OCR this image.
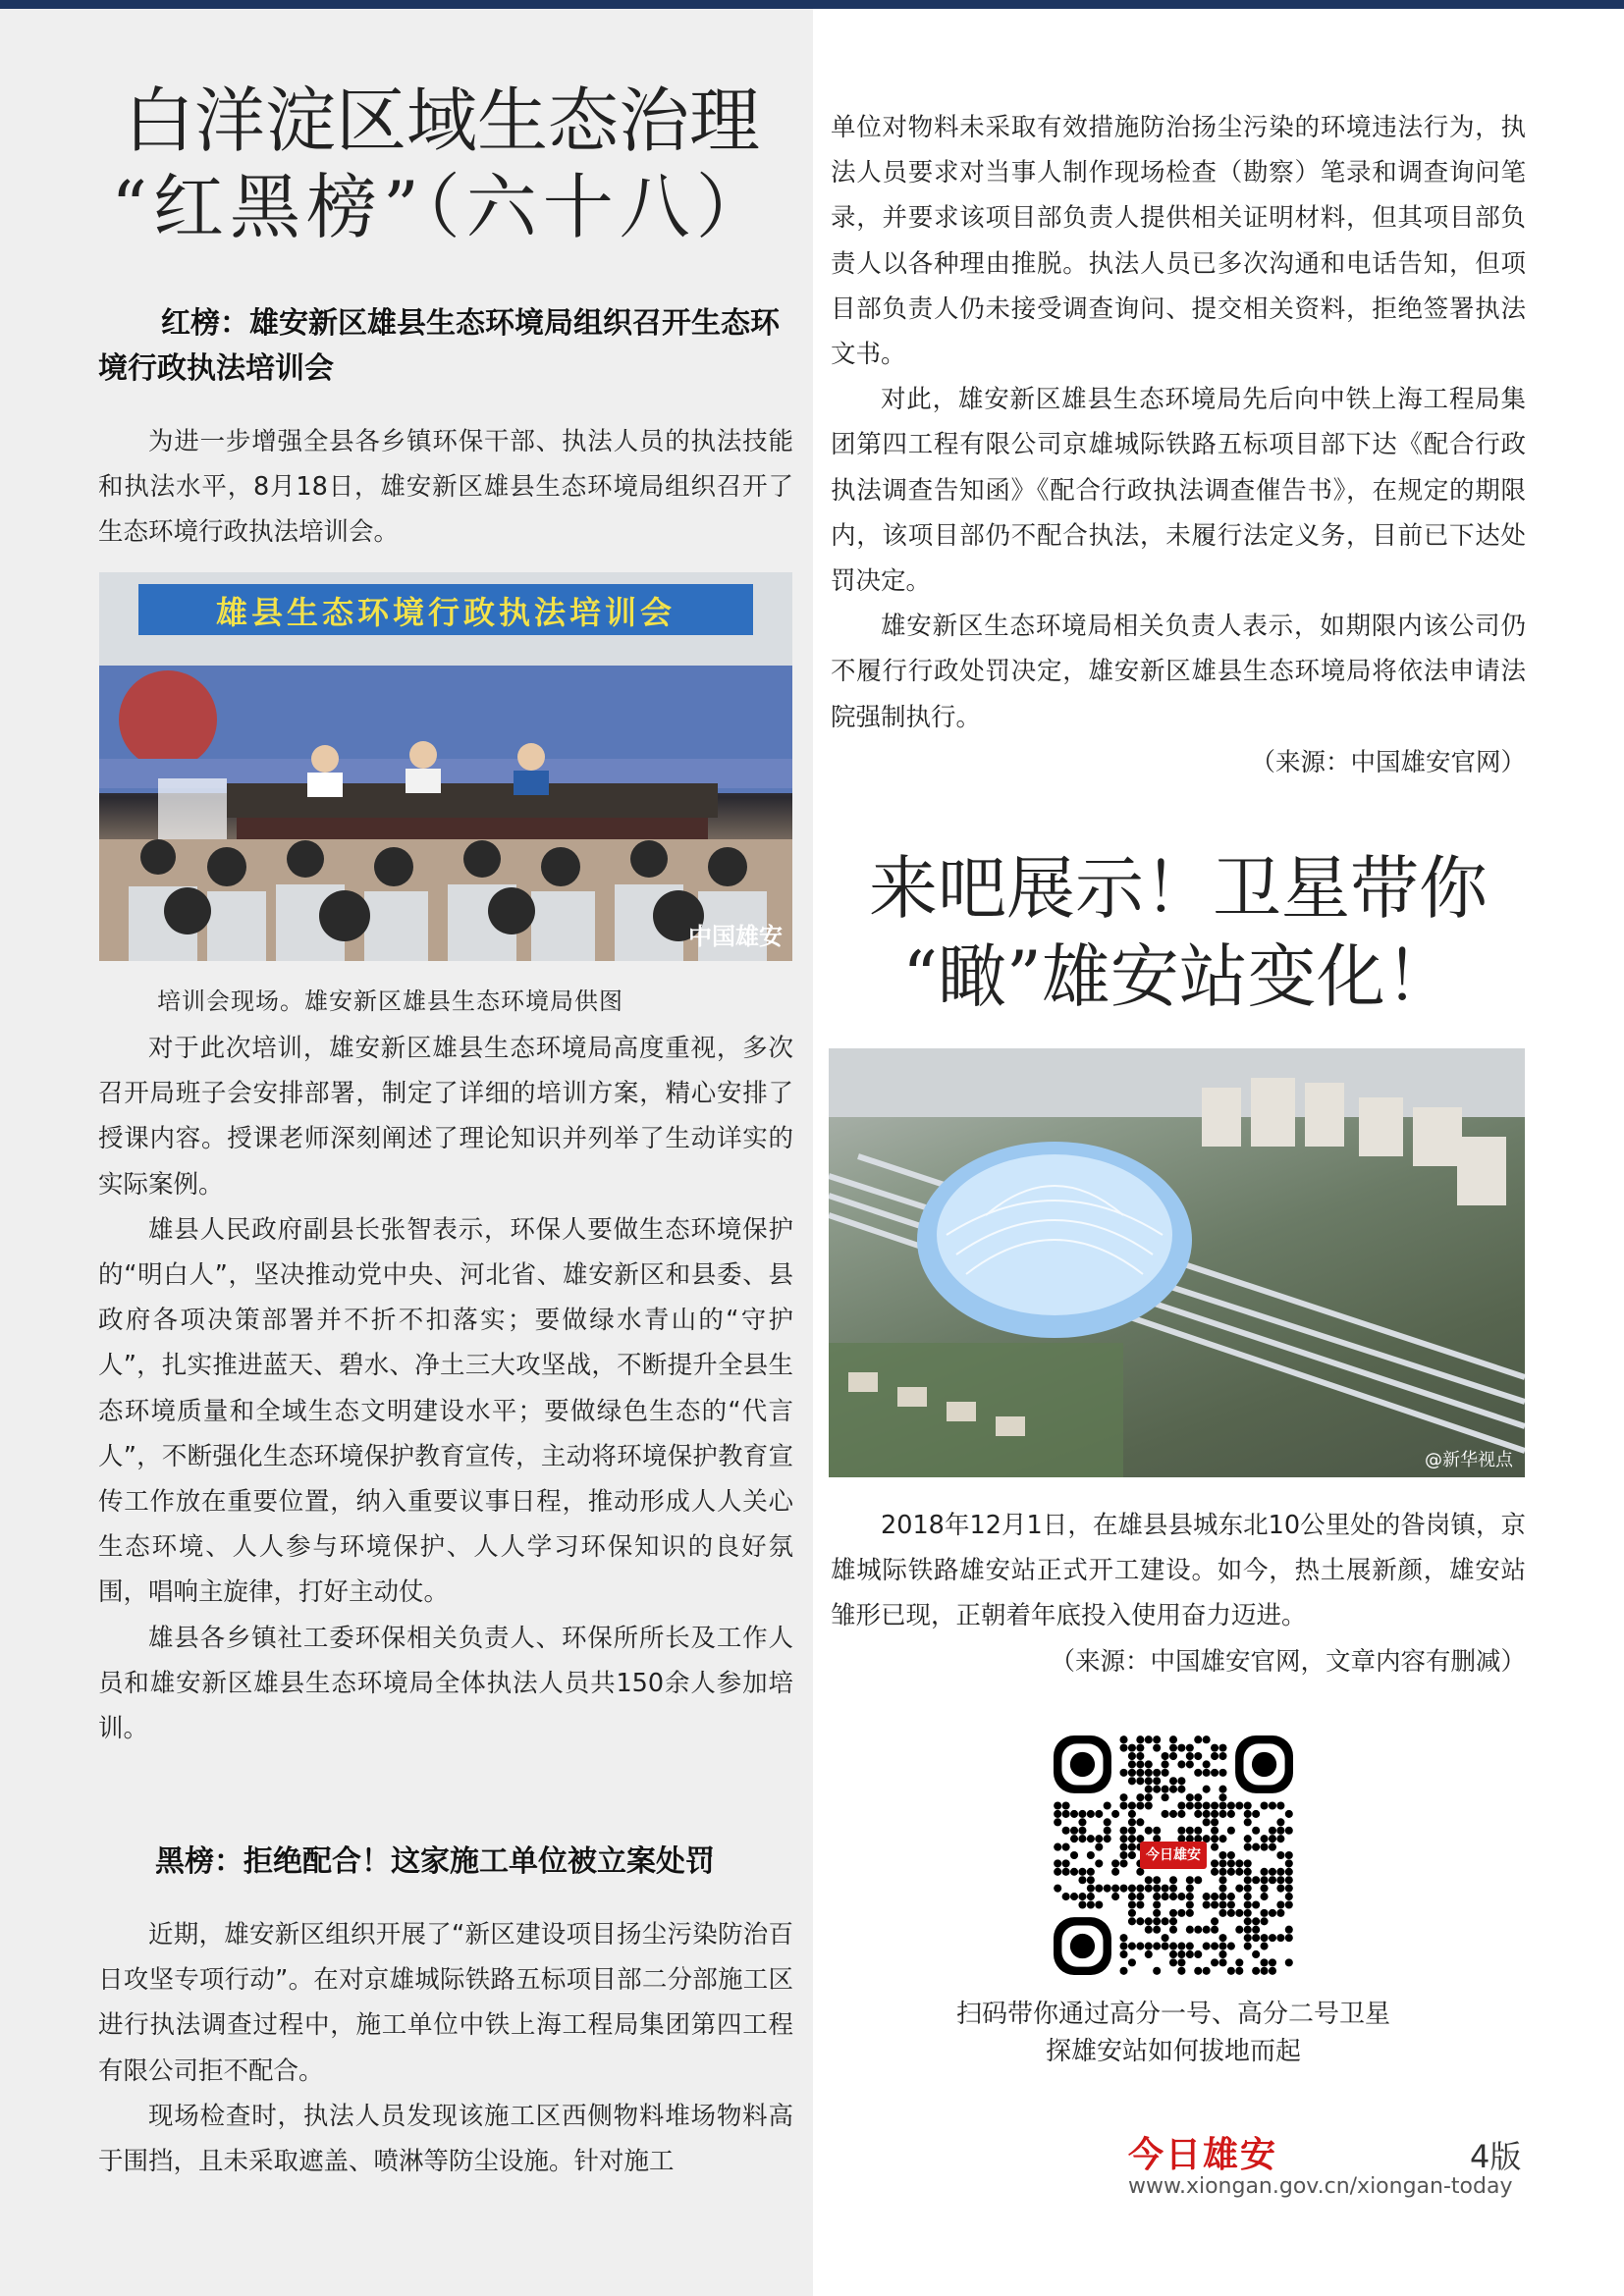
白洋淀区域生态治理
“红黑榜”（六十八）
红榜：雄安新区雄县生态环境局组织召开生态环境行政执法培训会

为进一步增强全县各乡镇环保干部、执法人员的执法技能和执法水平，8月18日，雄安新区雄县生态环境局组织召开了生态环境行政执法培训会。

雄县生态环境行政执法培训会
中国雄安
培训会现场。雄安新区雄县生态环境局供图

对于此次培训，雄安新区雄县生态环境局高度重视，多次召开局班子会安排部署，制定了详细的培训方案，精心安排了授课内容。授课老师深刻阐述了理论知识并列举了生动详实的实际案例。

雄县人民政府副县长张智表示，环保人要做生态环境保护的“明白人”，坚决推动党中央、河北省、雄安新区和县委、县政府各项决策部署并不折不扣落实；要做绿水青山的“守护人”，扎实推进蓝天、碧水、净土三大攻坚战，不断提升全县生态环境质量和全域生态文明建设水平；要做绿色生态的“代言人”，不断强化生态环境保护教育宣传，主动将环境保护教育宣传工作放在重要位置，纳入重要议事日程，推动形成人人关心生态环境、人人参与环境保护、人人学习环保知识的良好氛围，唱响主旋律，打好主动仗。

雄县各乡镇社工委环保相关负责人、环保所所长及工作人员和雄安新区雄县生态环境局全体执法人员共150余人参加培训。

黑榜：拒绝配合！这家施工单位被立案处罚

近期，雄安新区组织开展了“新区建设项目扬尘污染防治百日攻坚专项行动”。在对京雄城际铁路五标项目部二分部施工区进行执法调查过程中，施工单位中铁上海工程局集团第四工程有限公司拒不配合。

现场检查时，执法人员发现该施工区西侧物料堆场物料高于围挡，且未采取遮盖、喷淋等防尘设施。针对施工

单位对物料未采取有效措施防治扬尘污染的环境违法行为，执法人员要求对当事人制作现场检查（勘察）笔录和调查询问笔录，并要求该项目部负责人提供相关证明材料，但其项目部负责人以各种理由推脱。执法人员已多次沟通和电话告知，但项目部负责人仍未接受调查询问、提交相关资料，拒绝签署执法文书。

对此，雄安新区雄县生态环境局先后向中铁上海工程局集团第四工程有限公司京雄城际铁路五标项目部下达《配合行政执法调查告知函》《配合行政执法调查催告书》，在规定的期限内，该项目部仍不配合执法，未履行法定义务，目前已下达处罚决定。

雄安新区生态环境局相关负责人表示，如期限内该公司仍不履行行政处罚决定，雄安新区雄县生态环境局将依法申请法院强制执行。

（来源：中国雄安官网）
来吧展示！卫星带你
“瞰”雄安站变化！
@新华视点

2018年12月1日，在雄县县城东北10公里处的昝岗镇，京雄城际铁路雄安站正式开工建设。如今，热土展新颜，雄安站雏形已现，正朝着年底投入使用奋力迈进。

（来源：中国雄安官网，文章内容有删减）
今日雄安
扫码带你通过高分一号、高分二号卫星
探雄安站如何拔地而起
今日雄安	4版
www.xiongan.gov.cn/xiongan-today
